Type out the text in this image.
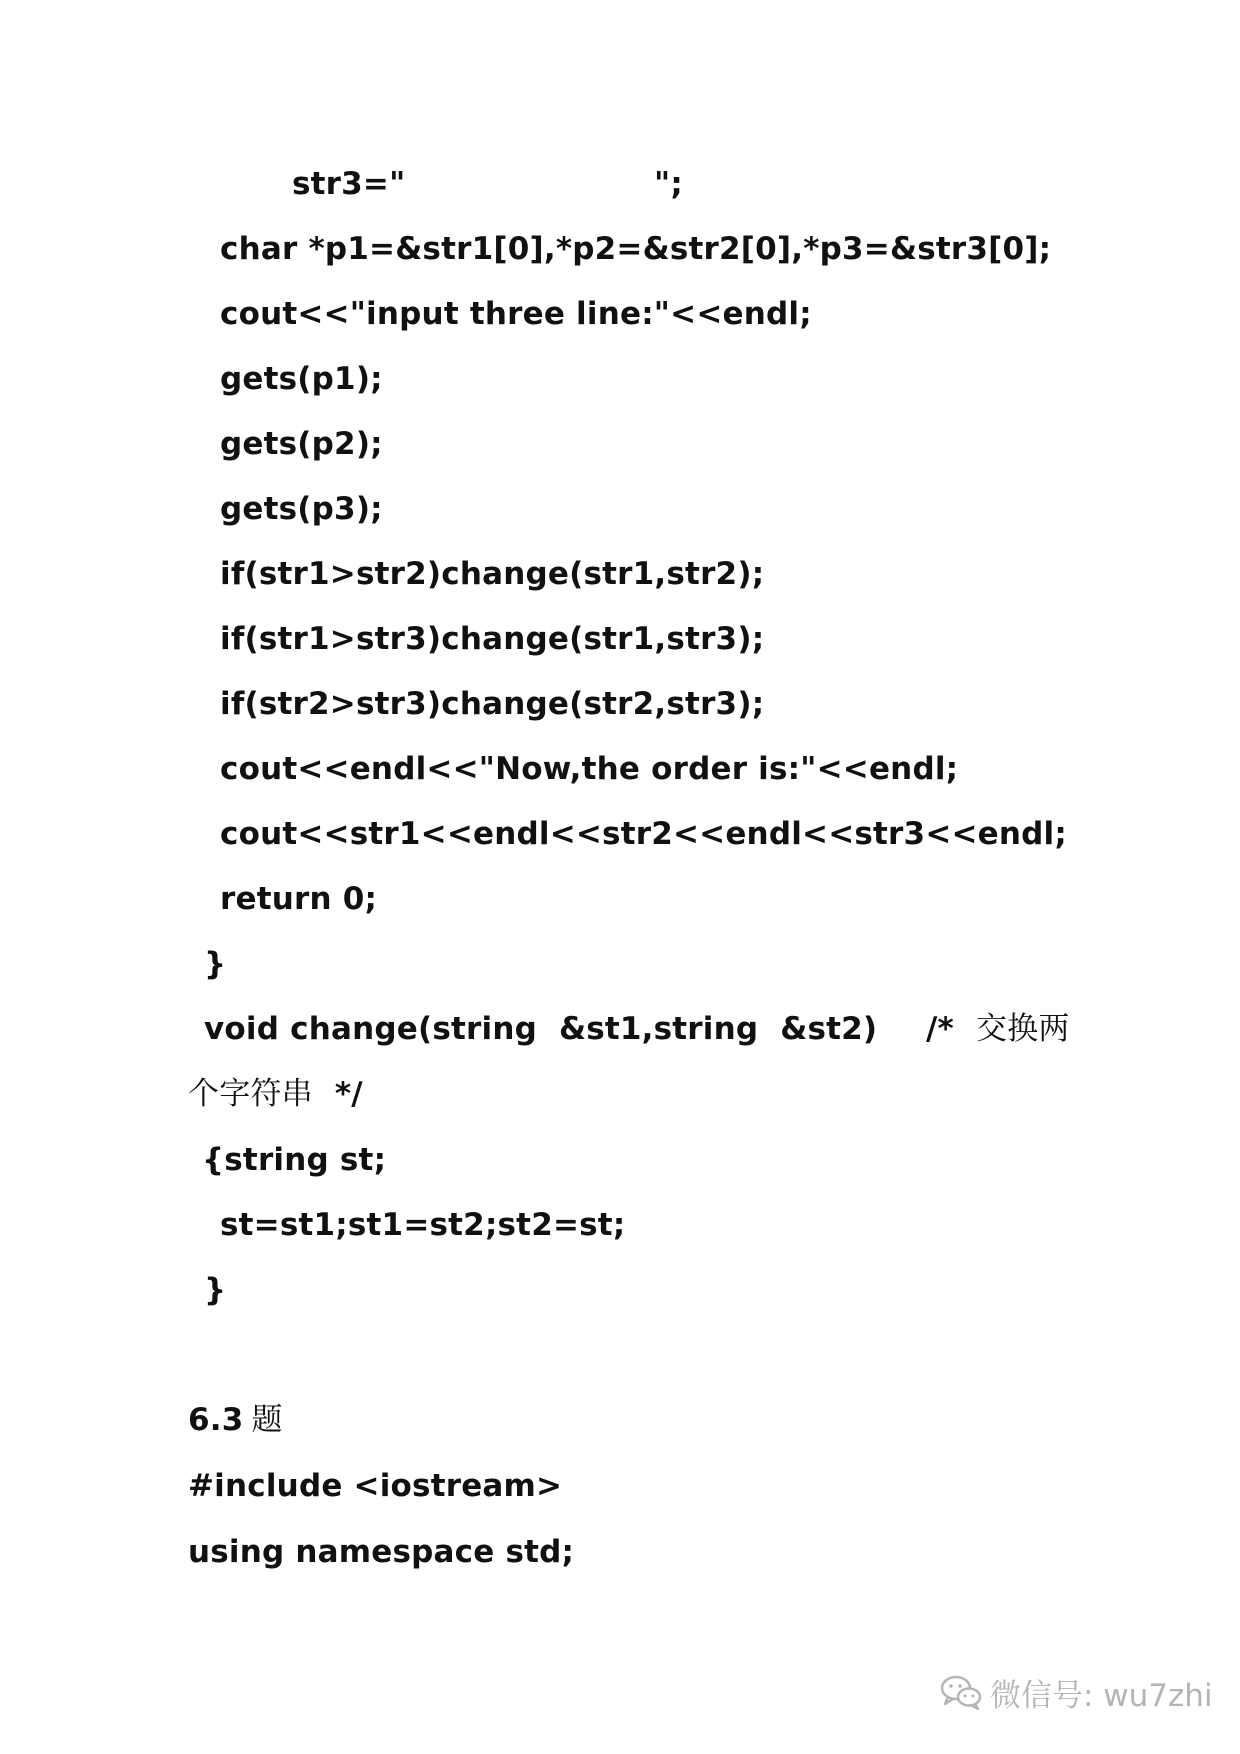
str3="	";
char *p1=&str1[0],*p2=&str2[0],*p3=&str3[0];
cout<<"input three line:"<<endl;
gets(p1);
gets(p2);
gets(p3);
if(str1>str2)change(str1,str2);
if(str1>str3)change(str1,str3);
if(str2>str3)change(str2,str3);
cout<<endl<<"Now,the order is:"<<endl;
cout<<str1<<endl<<str2<<endl<<str3<<endl;
return 0;
}
void change(string  &st1,string  &st2) /* 交换两
个字符串 */
{string st;
st=st1;st1=st2;st2=st;
}
6.3 题
#include <iostream>
using namespace std;
微信号: wu7zhi
